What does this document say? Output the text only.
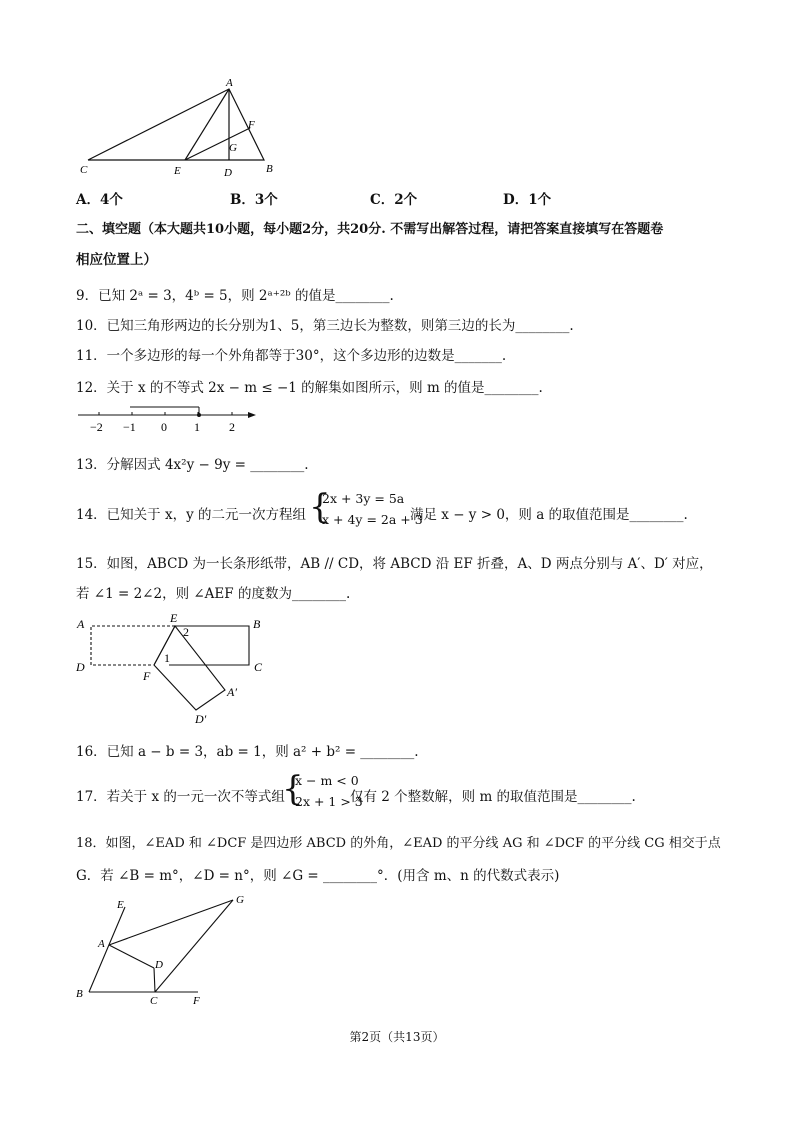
A
C	E	D	B
F
G
A．4个	B．3个	C．2个	D．1个
二、填空题（本大题共10小题，每小题2分，共20分. 不需写出解答过程，请把答案直接填写在答题卷
相应位置上）
9．已知 2ᵃ = 3，4ᵇ = 5，则 2ᵃ⁺²ᵇ 的值是________.
10．已知三角形两边的长分别为1、5，第三边长为整数，则第三边的长为________.
11．一个多边形的每一个外角都等于30°，这个多边形的边数是_______.
12．关于 x 的不等式 2x − m ≤ −1 的解集如图所示，则 m 的值是________.
−2 −1 0 1 2
13．分解因式 4x²y − 9y = ________.
14．已知关于 x，y 的二元一次方程组 {
2x + 3y = 5a
x + 4y = 2a + 3
满足 x − y > 0，则 a 的取值范围是________.
15．如图，ABCD 为一长条形纸带，AB // CD，将 ABCD 沿 EF 折叠，A、D 两点分别与 A′、D′ 对应，
若 ∠1 = 2∠2，则 ∠AEF 的度数为________.
A	E
2
B
D
1
C
F
A′
D′
16．已知 a − b = 3，ab = 1，则 a² + b² = ________.
17．若关于 x 的一元一次不等式组
{
x − m < 0
2x + 1 > 3
仅有 2 个整数解，则 m 的取值范围是________.
18．如图，∠EAD 和 ∠DCF 是四边形 ABCD 的外角，∠EAD 的平分线 AG 和 ∠DCF 的平分线 CG 相交于点
G．若 ∠B = m°，∠D = n°，则 ∠G = ________°．(用含 m、n 的代数式表示)
E	G
A
D
B
C	F
第2页（共13页）
